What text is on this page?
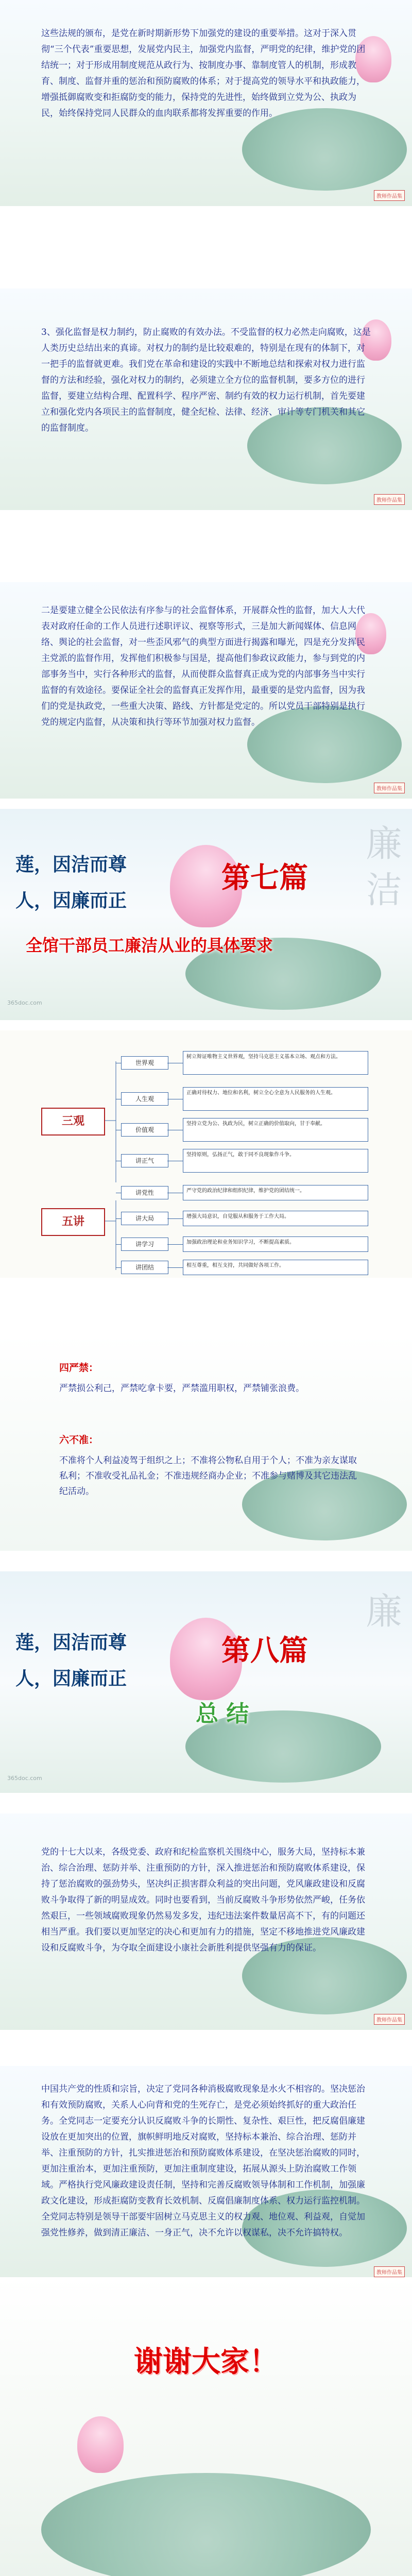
这些法规的颁布，是党在新时期新形势下加强党的建设的重要举措。这对于深入贯彻“三个代表”重要思想，发展党内民主，加强党内监督，严明党的纪律，维护党的团结统一；对于形成用制度规范从政行为、按制度办事、靠制度管人的机制，形成教育、制度、监督并重的惩治和预防腐败的体系；对于提高党的领导水平和执政能力，增强抵御腐败变和拒腐防变的能力，保持党的先进性，始终做到立党为公、执政为民，始终保持党同人民群众的血肉联系都将发挥重要的作用。
教师作品集
3、强化监督是权力制约，防止腐败的有效办法。不受监督的权力必然走向腐败，这是人类历史总结出来的真谛。对权力的制约是比较艰难的，特别是在现有的体制下，对一把手的监督就更难。我们党在革命和建设的实践中不断地总结和探索对权力进行监督的方法和经验，强化对权力的制约，必须建立全方位的监督机制，要多方位的进行监督，要建立结构合理、配置科学、程序严密、制约有效的权力运行机制，首先要建立和强化党内各项民主的监督制度，健全纪检、法律、经济、审计等专门机关和其它的监督制度。
教师作品集
二是要建立健全公民依法有序参与的社会监督体系，开展群众性的监督，加大人大代表对政府任命的工作人员进行述职评议、视察等形式，三是加大新闻媒体、信息网络、舆论的社会监督，对一些歪风邪气的典型方面进行揭露和曝光，四是充分发挥民主党派的监督作用，发挥他们积极参与国是，提高他们参政议政能力，参与到党的内部事务当中，实行各种形式的监督，从而使群众监督真正成为党的内部事务当中实行监督的有效途径。要保证全社会的监督真正发挥作用，最重要的是党内监督，因为我们的党是执政党，一些重大决策、路线、方针都是党定的。所以党员干部特别是执行党的规定内监督，从决策和执行等环节加强对权力监督。
教师作品集
廉
洁
莲，因洁而尊
人，因廉而正
第七篇
全馆干部员工廉洁从业的具体要求
365doc.com
三观
五讲
世界观
树立辩证唯物主义世界观，坚持马克思主义基本立场、观点和方法。
人生观
正确对待权力、地位和名利，树立全心全意为人民服务的人生观。
价值观
坚持立党为公、执政为民，树立正确的价值取向，甘于奉献。
讲正气
坚持原则，弘扬正气，敢于同不良现象作斗争。
讲党性	严守党的政治纪律和组织纪律，维护党的团结统一。
讲大局	增强大局意识，自觉服从和服务于工作大局。
讲学习	加强政治理论和业务知识学习，不断提高素质。
讲团结	相互尊重，相互支持，共同做好各项工作。
四严禁：
严禁损公利己，严禁吃拿卡要，严禁滥用职权，严禁铺张浪费。
六不准：
不准将个人利益凌驾于组织之上；不准将公物私自用于个人；不准为亲友谋取私利；不准收受礼品礼金；不准违规经商办企业；不准参与赌博及其它违法乱纪活动。
廉
莲，因洁而尊
人，因廉而正
第八篇
总 结
365doc.com
党的十七大以来，各级党委、政府和纪检监察机关围绕中心，服务大局，坚持标本兼治、综合治理、惩防并举、注重预防的方针，深入推进惩治和预防腐败体系建设，保持了惩治腐败的强劲势头，坚决纠正损害群众利益的突出问题，党风廉政建设和反腐败斗争取得了新的明显成效。同时也要看到，当前反腐败斗争形势依然严峻，任务依然艰巨，一些领域腐败现象仍然易发多发，违纪违法案件数量居高不下，有的问题还相当严重。我们要以更加坚定的决心和更加有力的措施，坚定不移地推进党风廉政建设和反腐败斗争，为夺取全面建设小康社会新胜利提供坚强有力的保证。
教师作品集
中国共产党的性质和宗旨，决定了党同各种消极腐败现象是水火不相容的。坚决惩治和有效预防腐败，关系人心向背和党的生死存亡，是党必须始终抓好的重大政治任务。全党同志一定要充分认识反腐败斗争的长期性、复杂性、艰巨性，把反腐倡廉建设放在更加突出的位置，旗帜鲜明地反对腐败，坚持标本兼治、综合治理、惩防并举、注重预防的方针，扎实推进惩治和预防腐败体系建设，在坚决惩治腐败的同时，更加注重治本，更加注重预防，更加注重制度建设，拓展从源头上防治腐败工作领域。严格执行党风廉政建设责任制，坚持和完善反腐败领导体制和工作机制，加强廉政文化建设，形成拒腐防变教育长效机制、反腐倡廉制度体系、权力运行监控机制。全党同志特别是领导干部要牢固树立马克思主义的权力观、地位观、利益观，自觉加强党性修养，做到清正廉洁、一身正气，决不允许以权谋私，决不允许搞特权。
教师作品集
谢谢大家！
